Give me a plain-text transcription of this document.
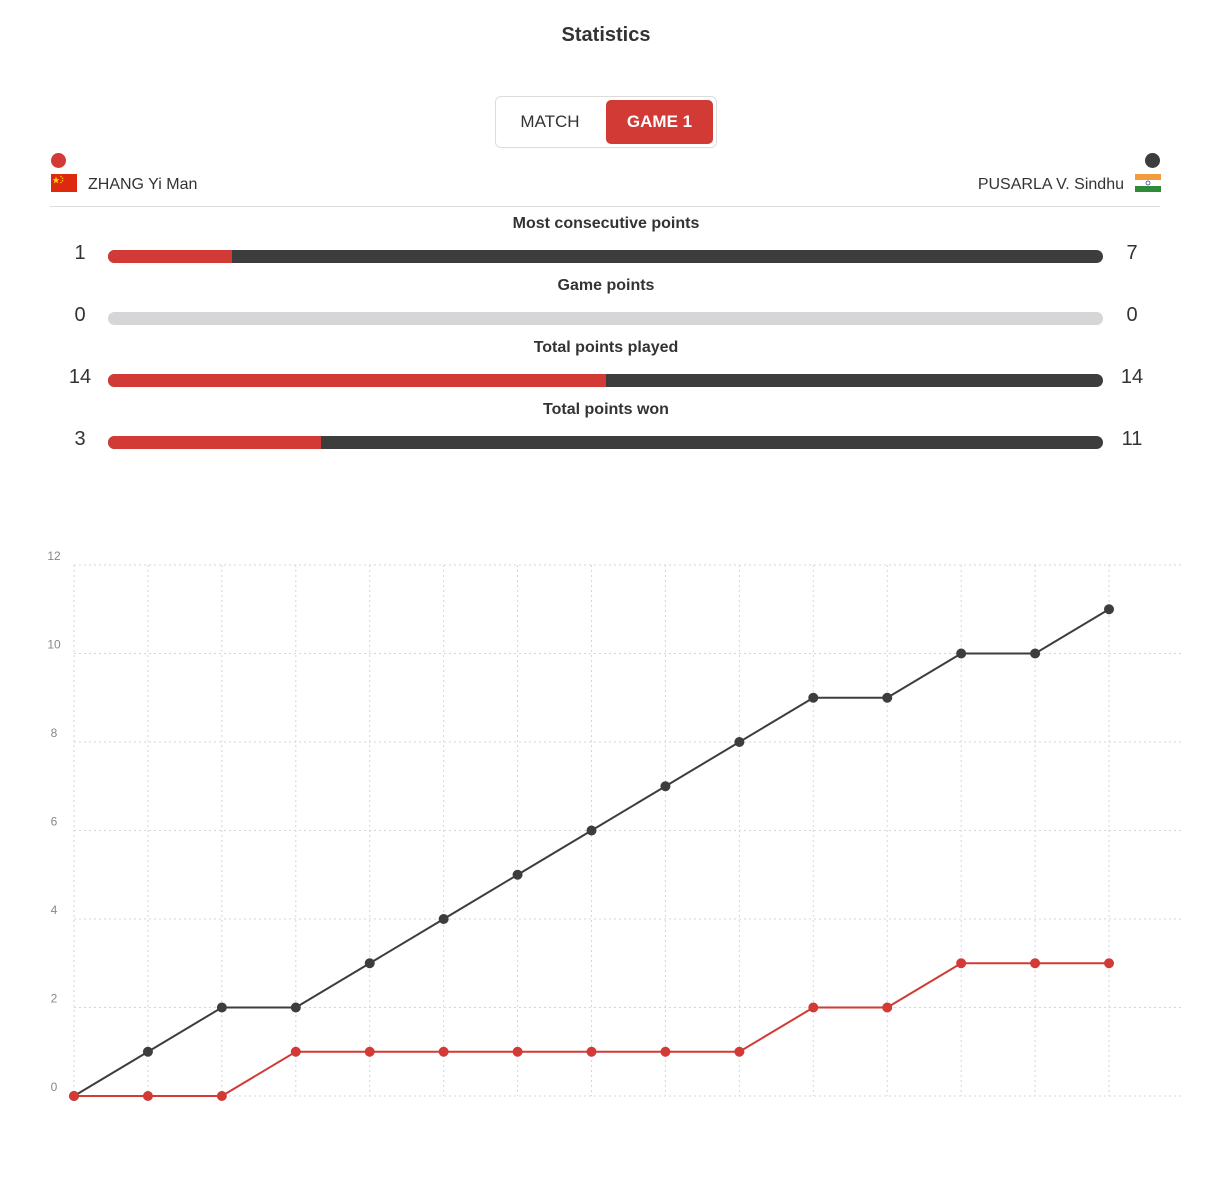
Statistics
MATCH	GAME 1
ZHANG Yi Man	PUSARLA V. Sindhu
Most consecutive points
1	7
Game points
0	0
Total points played
14	14
Total points won
3	11
0
2
4
6
8
10
12
